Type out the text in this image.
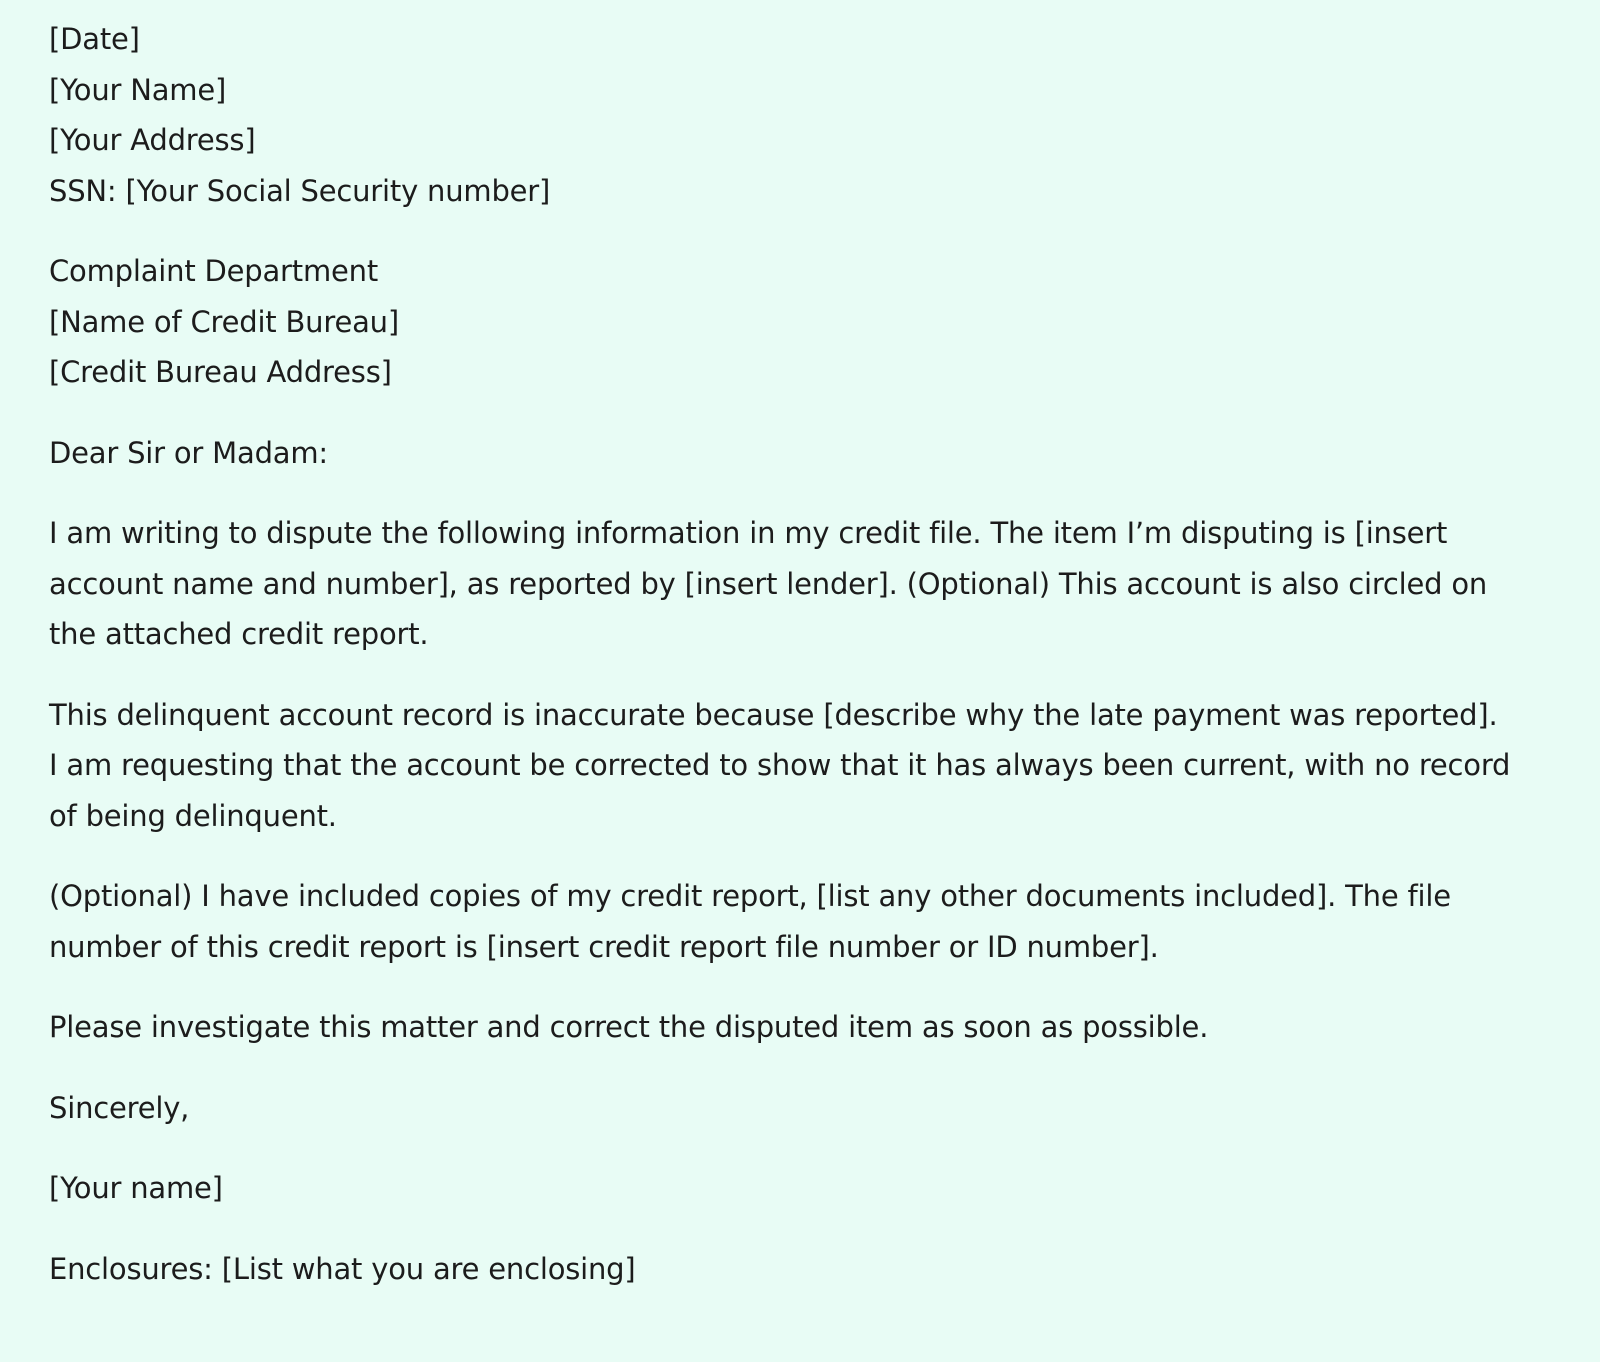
[Date]
[Your Name]
[Your Address]
SSN: [Your Social Security number]
Complaint Department
[Name of Credit Bureau]
[Credit Bureau Address]
Dear Sir or Madam:
I am writing to dispute the following information in my credit file. The item I’m disputing is [insert
account name and number], as reported by [insert lender]. (Optional) This account is also circled on
the attached credit report.
This delinquent account record is inaccurate because [describe why the late payment was reported].
I am requesting that the account be corrected to show that it has always been current, with no record
of being delinquent.
(Optional) I have included copies of my credit report, [list any other documents included]. The file
number of this credit report is [insert credit report file number or ID number].
Please investigate this matter and correct the disputed item as soon as possible.
Sincerely,
[Your name]
Enclosures: [List what you are enclosing]
